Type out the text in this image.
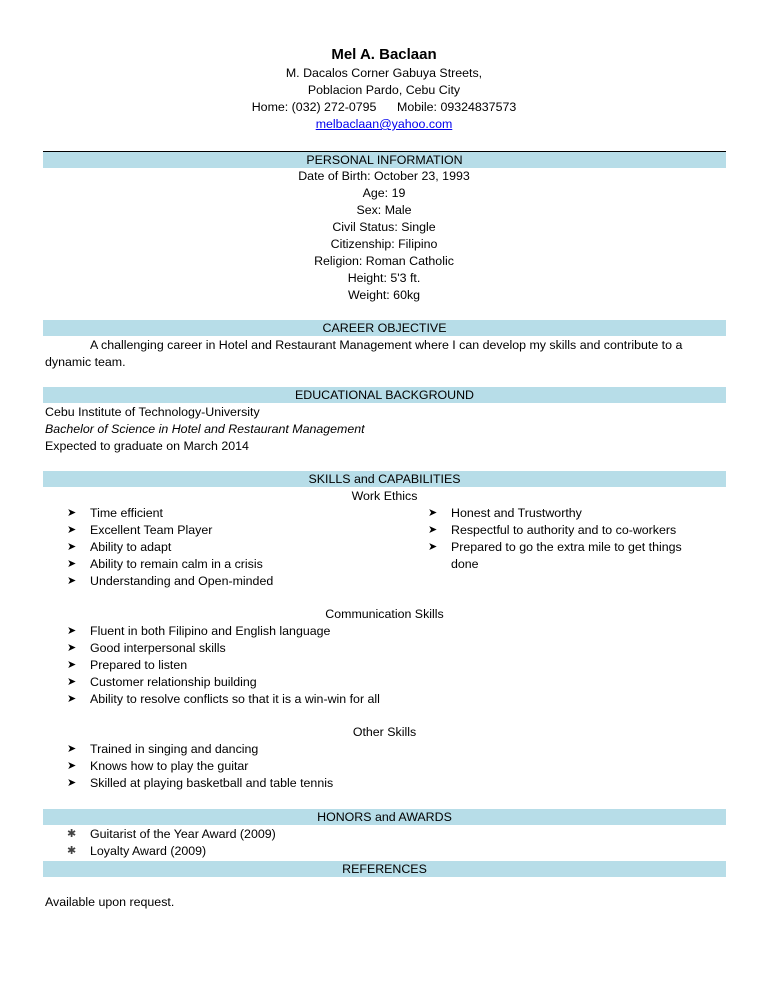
Mel A. Baclaan
M. Dacalos Corner Gabuya Streets,
Poblacion Pardo, Cebu City
Home: (032) 272-0795      Mobile: 09324837573
melbaclaan@yahoo.com
PERSONAL INFORMATION
Date of Birth: October 23, 1993
Age: 19
Sex: Male
Civil Status: Single
Citizenship: Filipino
Religion: Roman Catholic
Height: 5'3 ft.
Weight: 60kg
CAREER OBJECTIVE
A challenging career in Hotel and Restaurant Management where I can develop my skills and contribute to a
dynamic team.
EDUCATIONAL BACKGROUND
Cebu Institute of Technology-University
Bachelor of Science in Hotel and Restaurant Management
Expected to graduate on March 2014
SKILLS and CAPABILITIES
Work Ethics
➤ Time efficient
➤ Excellent Team Player
➤ Ability to adapt
➤ Ability to remain calm in a crisis
➤ Understanding and Open-minded
➤ Honest and Trustworthy
➤ Respectful to authority and to co-workers
➤ Prepared to go the extra mile to get things done
Communication Skills
➤ Fluent in both Filipino and English language
➤ Good interpersonal skills
➤ Prepared to listen
➤ Customer relationship building
➤ Ability to resolve conflicts so that it is a win-win for all
Other Skills
➤ Trained in singing and dancing
➤ Knows how to play the guitar
➤ Skilled at playing basketball and table tennis
HONORS and AWARDS
✱ Guitarist of the Year Award (2009)
✱ Loyalty Award (2009)
REFERENCES
Available upon request.
